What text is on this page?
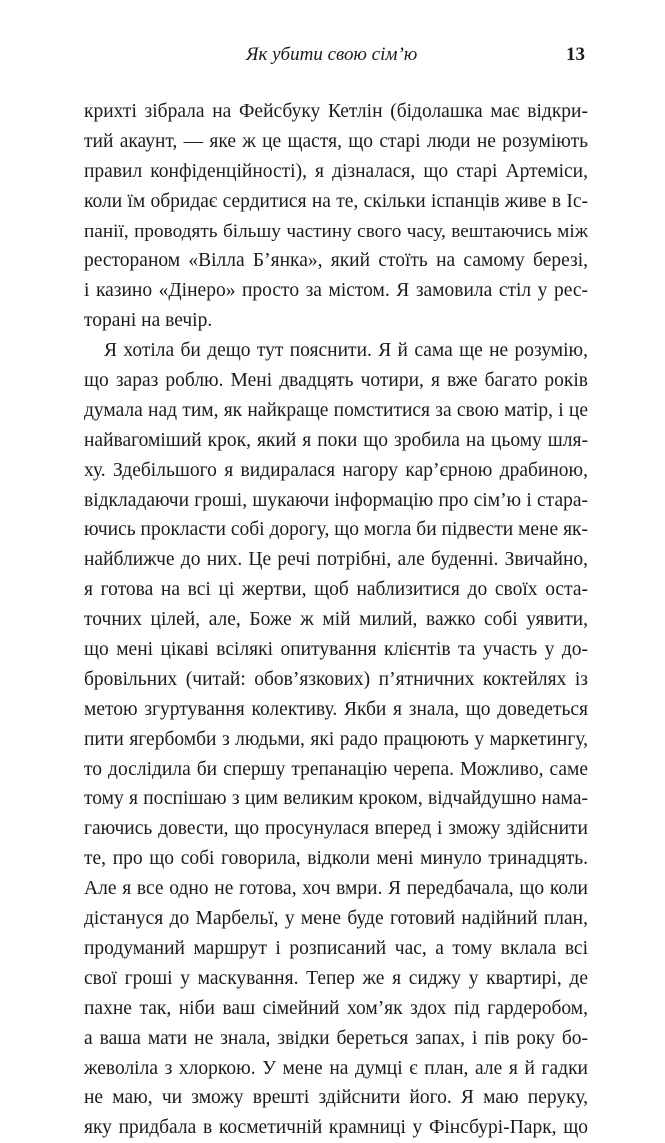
Як убити свою сім’ю	13
крихті зібрала на Фейсбуку Кетлін (бідолашка має відкри-
тий акаунт, — яке ж це щастя, що старі люди не розуміють
правил конфіденційності), я дізналася, що старі Артеміси,
коли їм обридає сердитися на те, скільки іспанців живе в Іс-
панії, проводять більшу частину свого часу, вештаючись між
рестораном «Вілла Б’янка», який стоїть на самому березі,
і казино «Дінеро» просто за містом. Я замовила стіл у рес-
торані на вечір.
Я хотіла би дещо тут пояснити. Я й сама ще не розумію,
що зараз роблю. Мені двадцять чотири, я вже багато років
думала над тим, як найкраще помститися за свою матір, і це
найвагоміший крок, який я поки що зробила на цьому шля-
ху. Здебільшого я видиралася нагору кар’єрною драбиною,
відкладаючи гроші, шукаючи інформацію про сім’ю і стара-
ючись прокласти собі дорогу, що могла би підвести мене як-
найближче до них. Це речі потрібні, але буденні. Звичайно,
я готова на всі ці жертви, щоб наблизитися до своїх оста-
точних цілей, але, Боже ж мій милий, важко собі уявити,
що мені цікаві всілякі опитування клієнтів та участь у до-
бровільних (читай: обов’язкових) п’ятничних коктейлях із
метою згуртування колективу. Якби я знала, що доведеться
пити ягербомби з людьми, які радо працюють у маркетингу,
то дослідила би спершу трепанацію черепа. Можливо, саме
тому я поспішаю з цим великим кроком, відчайдушно нама-
гаючись довести, що просунулася вперед і зможу здійснити
те, про що собі говорила, відколи мені минуло тринадцять.
Але я все одно не готова, хоч вмри. Я передбачала, що коли
дістануся до Марбельї, у мене буде готовий надійний план,
продуманий маршрут і розписаний час, а тому вклала всі
свої гроші у маскування. Тепер же я сиджу у квартирі, де
пахне так, ніби ваш сімейний хом’як здох під гардеробом,
а ваша мати не знала, звідки береться запах, і пів року бо-
жеволіла з хлоркою. У мене на думці є план, але я й гадки
не маю, чи зможу врешті здійснити його. Я маю перуку,
яку придбала в косметичній крамниці у Фінсбурі-Парк, що
